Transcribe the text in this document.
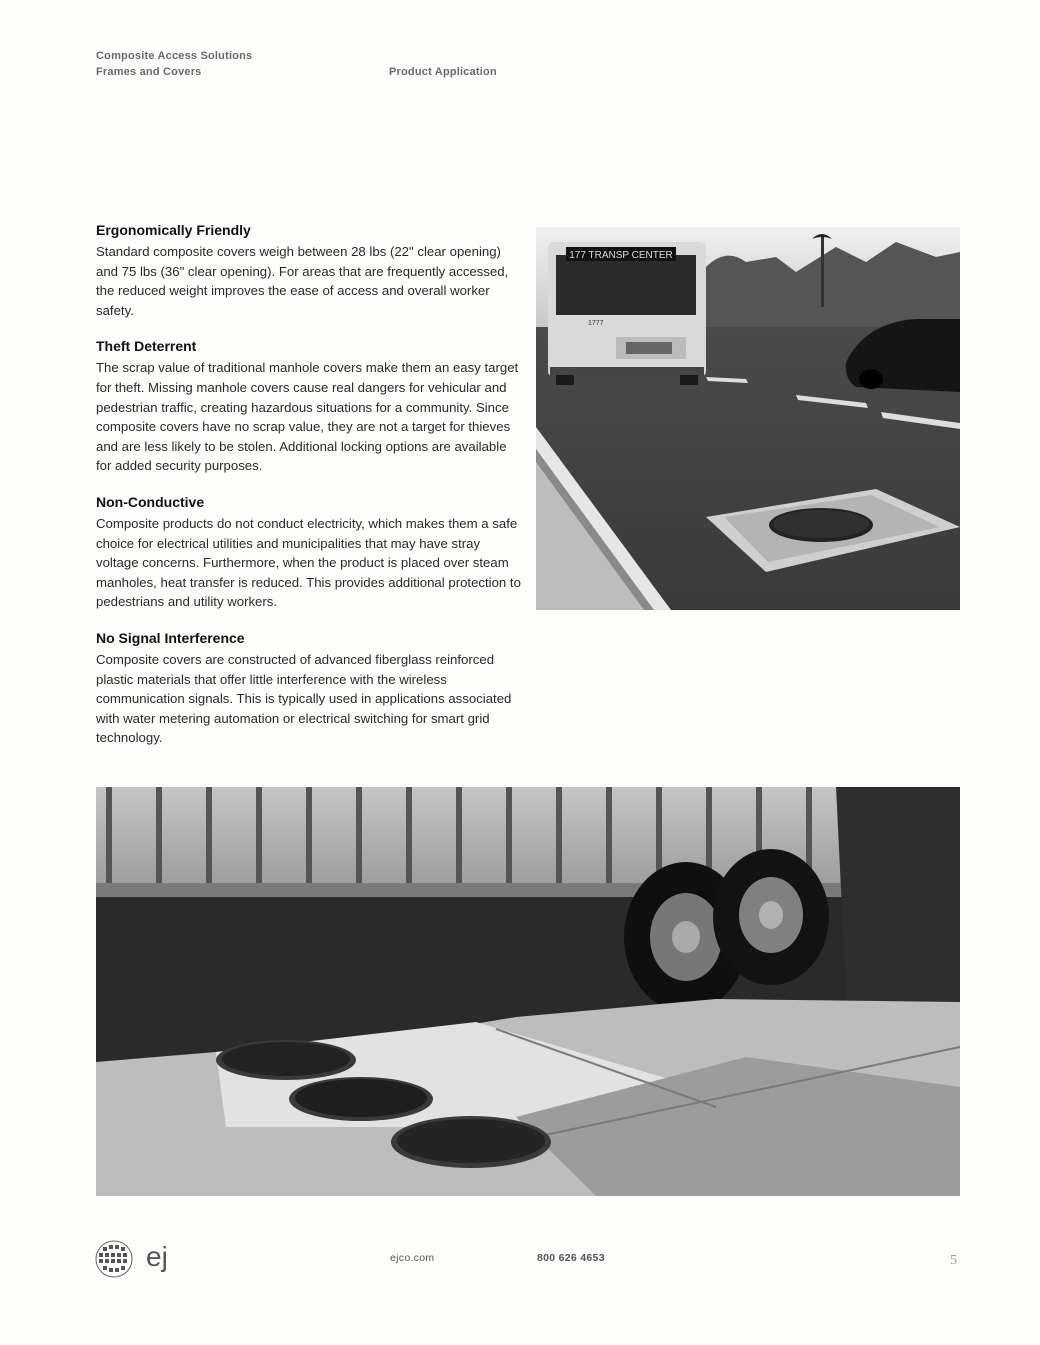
Composite Access Solutions
Frames and Covers	Product Application
Ergonomically Friendly

Standard composite covers weigh between 28 lbs (22" clear opening) and 75 lbs (36" clear opening). For areas that are frequently accessed, the reduced weight improves the ease of access and overall worker safety.

Theft Deterrent

The scrap value of traditional manhole covers make them an easy target for theft. Missing manhole covers cause real dangers for vehicular and pedestrian traffic, creating hazardous situations for a community. Since composite covers have no scrap value, they are not a target for thieves and are less likely to be stolen. Additional locking options are available for added security purposes.

Non-Conductive

Composite products do not conduct electricity, which makes them a safe choice for electrical utilities and municipalities that may have stray voltage concerns. Furthermore, when the product is placed over steam manholes, heat transfer is reduced. This provides additional protection to pedestrians and utility workers.

No Signal Interference

Composite covers are constructed of advanced fiberglass reinforced plastic materials that offer little interference with the wireless communication signals. This is typically used in applications associated with water metering automation or electrical switching for smart grid technology.

177 TRANSP CENTER
1777
ej	ejco.com	800 626 4653	5
